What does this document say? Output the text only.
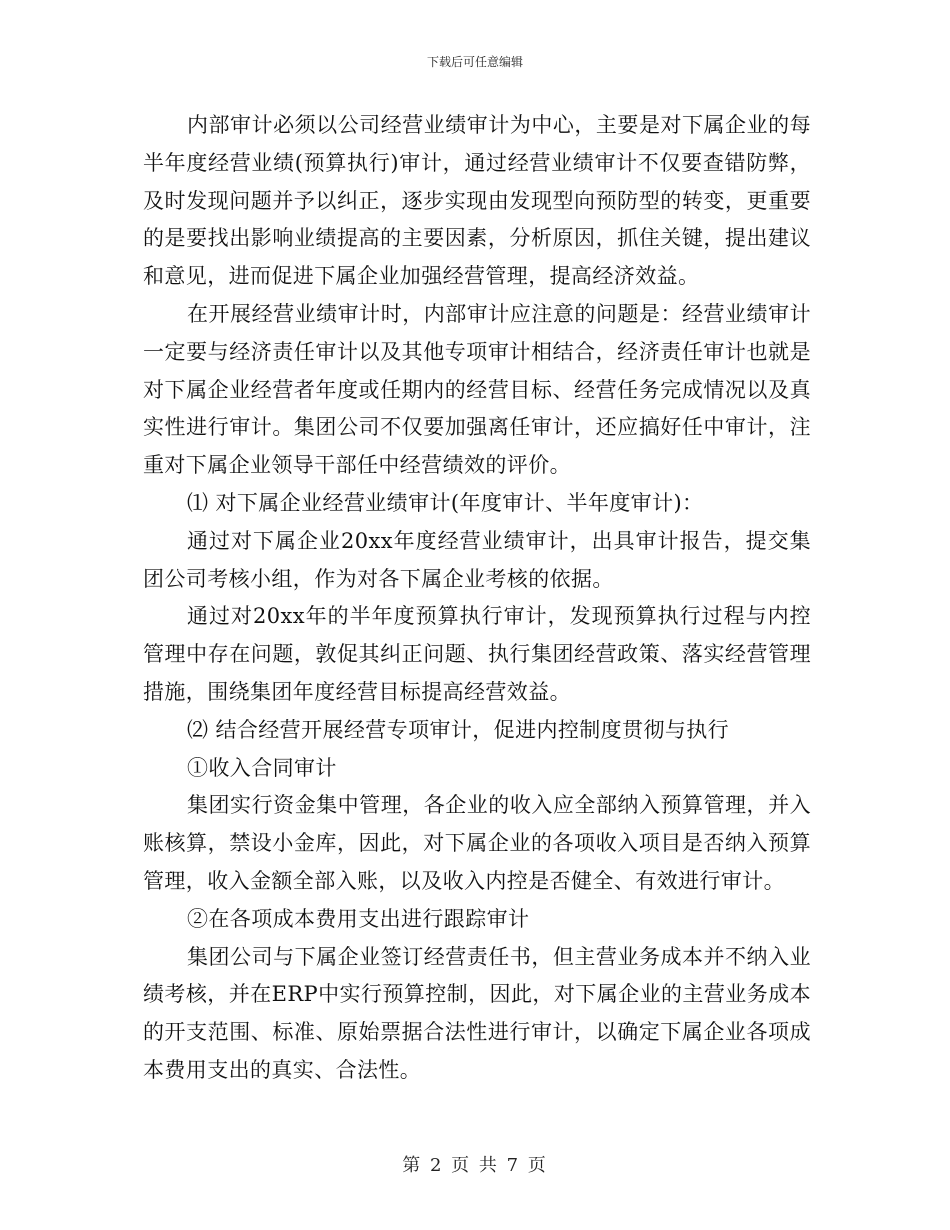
下载后可任意编辑

内部审计必须以公司经营业绩审计为中心，主要是对下属企业的每半年度经营业绩(预算执行)审计，通过经营业绩审计不仅要查错防弊，及时发现问题并予以纠正，逐步实现由发现型向预防型的转变，更重要的是要找出影响业绩提高的主要因素，分析原因，抓住关键，提出建议和意见，进而促进下属企业加强经营管理，提高经济效益。

在开展经营业绩审计时，内部审计应注意的问题是：经营业绩审计一定要与经济责任审计以及其他专项审计相结合，经济责任审计也就是对下属企业经营者年度或任期内的经营目标、经营任务完成情况以及真实性进行审计。集团公司不仅要加强离任审计，还应搞好任中审计，注重对下属企业领导干部任中经营绩效的评价。

⑴ 对下属企业经营业绩审计(年度审计、半年度审计)：

通过对下属企业20xx年度经营业绩审计，出具审计报告，提交集团公司考核小组，作为对各下属企业考核的依据。

通过对20xx年的半年度预算执行审计，发现预算执行过程与内控管理中存在问题，敦促其纠正问题、执行集团经营政策、落实经营管理措施，围绕集团年度经营目标提高经营效益。

⑵ 结合经营开展经营专项审计，促进内控制度贯彻与执行

①收入合同审计

集团实行资金集中管理，各企业的收入应全部纳入预算管理，并入账核算，禁设小金库，因此，对下属企业的各项收入项目是否纳入预算管理，收入金额全部入账，以及收入内控是否健全、有效进行审计。

②在各项成本费用支出进行跟踪审计

集团公司与下属企业签订经营责任书，但主营业务成本并不纳入业绩考核，并在ERP中实行预算控制，因此，对下属企业的主营业务成本的开支范围、标准、原始票据合法性进行审计，以确定下属企业各项成本费用支出的真实、合法性。

第 2 页 共 7 页
